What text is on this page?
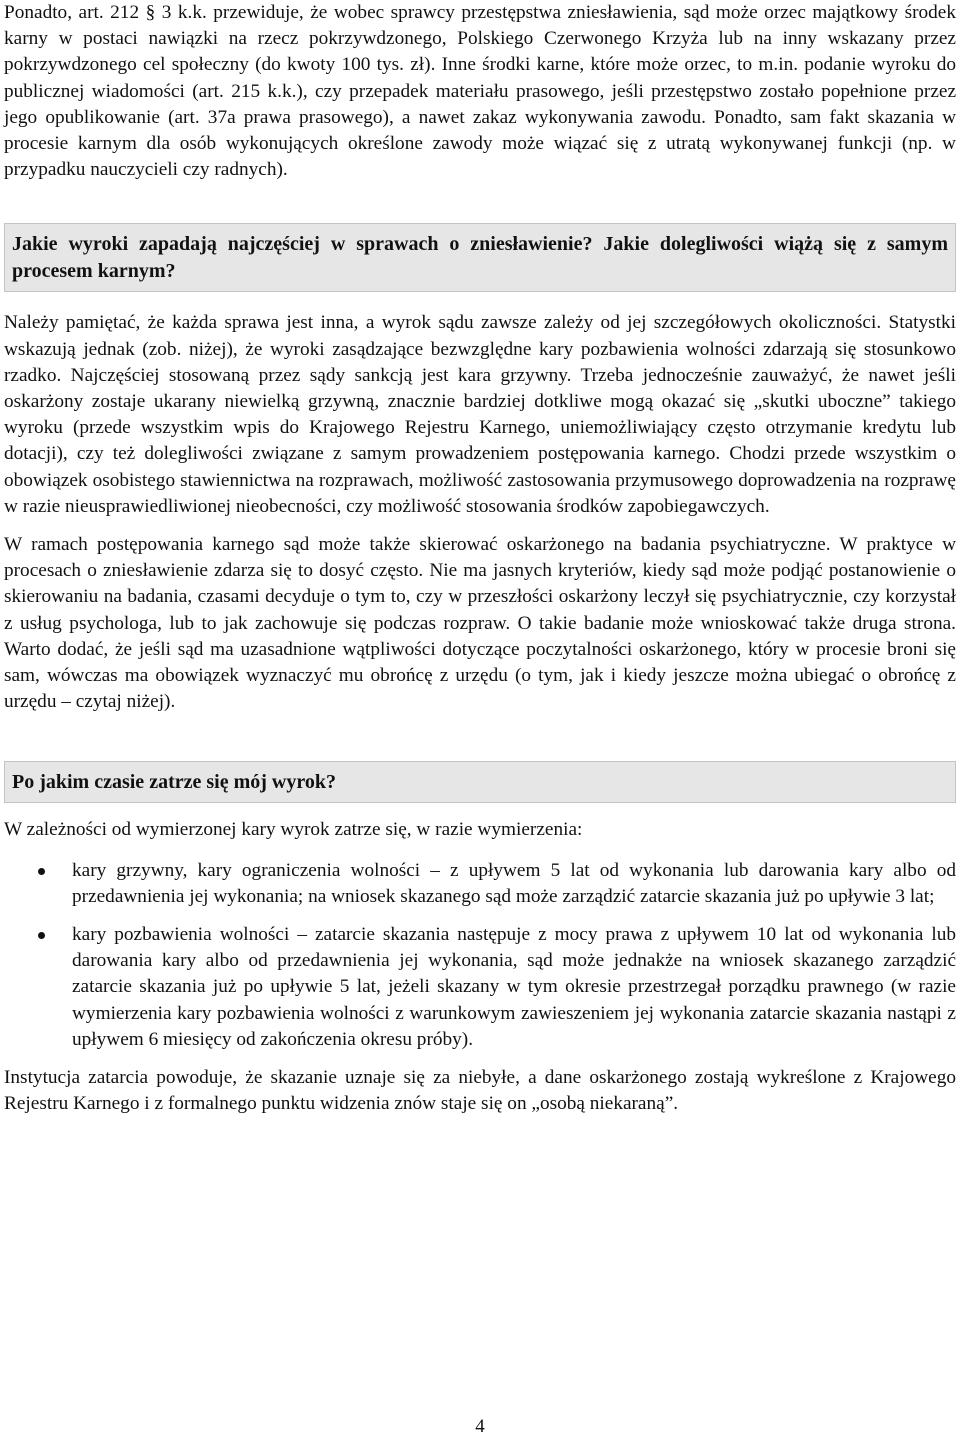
Ponadto, art. 212 § 3 k.k. przewiduje, że wobec sprawcy przestępstwa zniesławienia, sąd może orzec majątkowy środek karny w postaci nawiązki na rzecz pokrzywdzonego, Polskiego Czerwonego Krzyża lub na inny wskazany przez pokrzywdzonego cel społeczny (do kwoty 100 tys. zł). Inne środki karne, które może orzec, to m.in. podanie wyroku do publicznej wiadomości (art. 215 k.k.), czy przepadek materiału prasowego, jeśli przestępstwo zostało popełnione przez jego opublikowanie (art. 37a prawa prasowego), a nawet zakaz wykonywania zawodu. Ponadto, sam fakt skazania w procesie karnym dla osób wykonujących określone zawody może wiązać się z utratą wykonywanej funkcji (np. w przypadku nauczycieli czy radnych).

Jakie wyroki zapadają najczęściej w sprawach o zniesławienie? Jakie dolegliwości wiążą się z samym procesem karnym?

Należy pamiętać, że każda sprawa jest inna, a wyrok sądu zawsze zależy od jej szczegółowych okoliczności. Statystki wskazują jednak (zob. niżej), że wyroki zasądzające bezwzględne kary pozbawienia wolności zdarzają się stosunkowo rzadko. Najczęściej stosowaną przez sądy sankcją jest kara grzywny. Trzeba jednocześnie zauważyć, że nawet jeśli oskarżony zostaje ukarany niewielką grzywną, znacznie bardziej dotkliwe mogą okazać się „skutki uboczne” takiego wyroku (przede wszystkim wpis do Krajowego Rejestru Karnego, uniemożliwiający często otrzymanie kredytu lub dotacji), czy też dolegliwości związane z samym prowadzeniem postępowania karnego. Chodzi przede wszystkim o obowiązek osobistego stawiennictwa na rozprawach, możliwość zastosowania przymusowego doprowadzenia na rozprawę w razie nieusprawiedliwionej nieobecności, czy możliwość stosowania środków zapobiegawczych.

W ramach postępowania karnego sąd może także skierować oskarżonego na badania psychiatryczne. W praktyce w procesach o zniesławienie zdarza się to dosyć często. Nie ma jasnych kryteriów, kiedy sąd może podjąć postanowienie o skierowaniu na badania, czasami decyduje o tym to, czy w przeszłości oskarżony leczył się psychiatrycznie, czy korzystał z usług psychologa, lub to jak zachowuje się podczas rozpraw. O takie badanie może wnioskować także druga strona. Warto dodać, że jeśli sąd ma uzasadnione wątpliwości dotyczące poczytalności oskarżonego, który w procesie broni się sam, wówczas ma obowiązek wyznaczyć mu obrońcę z urzędu (o tym, jak i kiedy jeszcze można ubiegać o obrońcę z urzędu – czytaj niżej).

Po jakim czasie zatrze się mój wyrok?

W zależności od wymierzonej kary wyrok zatrze się, w razie wymierzenia:

kary grzywny, kary ograniczenia wolności – z upływem 5 lat od wykonania lub darowania kary albo od przedawnienia jej wykonania; na wniosek skazanego sąd może zarządzić zatarcie skazania już po upływie 3 lat;

kary pozbawienia wolności – zatarcie skazania następuje z mocy prawa z upływem 10 lat od wykonania lub darowania kary albo od przedawnienia jej wykonania, sąd może jednakże na wniosek skazanego zarządzić zatarcie skazania już po upływie 5 lat, jeżeli skazany w tym okresie przestrzegał porządku prawnego (w razie wymierzenia kary pozbawienia wolności z warunkowym zawieszeniem jej wykonania zatarcie skazania nastąpi z upływem 6 miesięcy od zakończenia okresu próby).

Instytucja zatarcia powoduje, że skazanie uznaje się za niebyłe, a dane oskarżonego zostają wykreślone z Krajowego Rejestru Karnego i z formalnego punktu widzenia znów staje się on „osobą niekaraną”.

4
